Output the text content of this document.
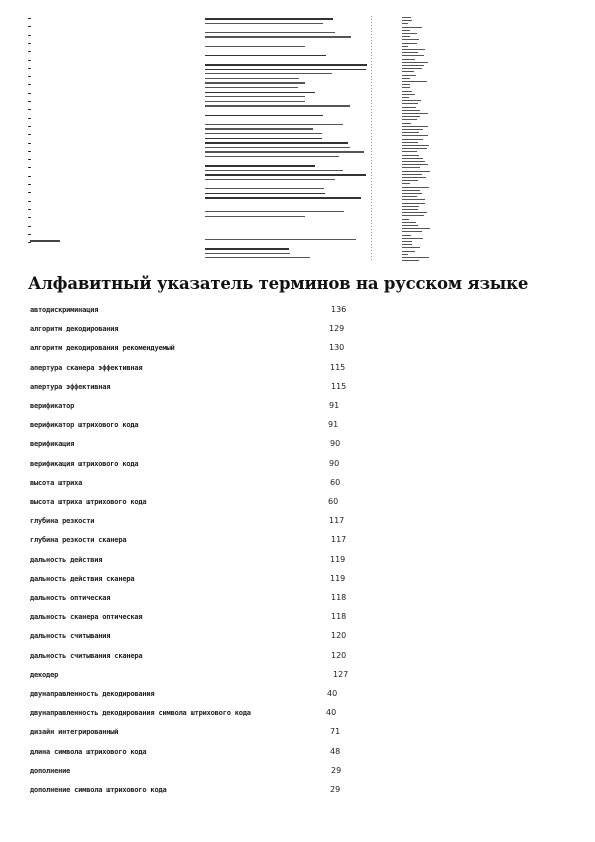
Алфавитный указатель терминов на русском языке
автодискриминация	136
алгоритм декодирования	129
алгоритм декодирования рекомендуемый	130
апертура сканера эффективная	115
апертура эффективная	115
верификатор	91
верификатор штрихового кода	91
верификация	90
верификация штрихового кода	90
высота штриха	60
высота штриха штрихового кода	60
глубина резкости	117
глубина резкости сканера	117
дальность действия	119
дальность действия сканера	119
дальность оптическая	118
дальность сканера оптическая	118
дальность считывания	120
дальность считывания сканера	120
декодер	127
двунаправленность декодирования	40
двунаправленность декодирования символа штрихового кода	40
дизайн интегрированный	71
длина символа штрихового кода	48
дополнение	29
дополнение символа штрихового кода	29
